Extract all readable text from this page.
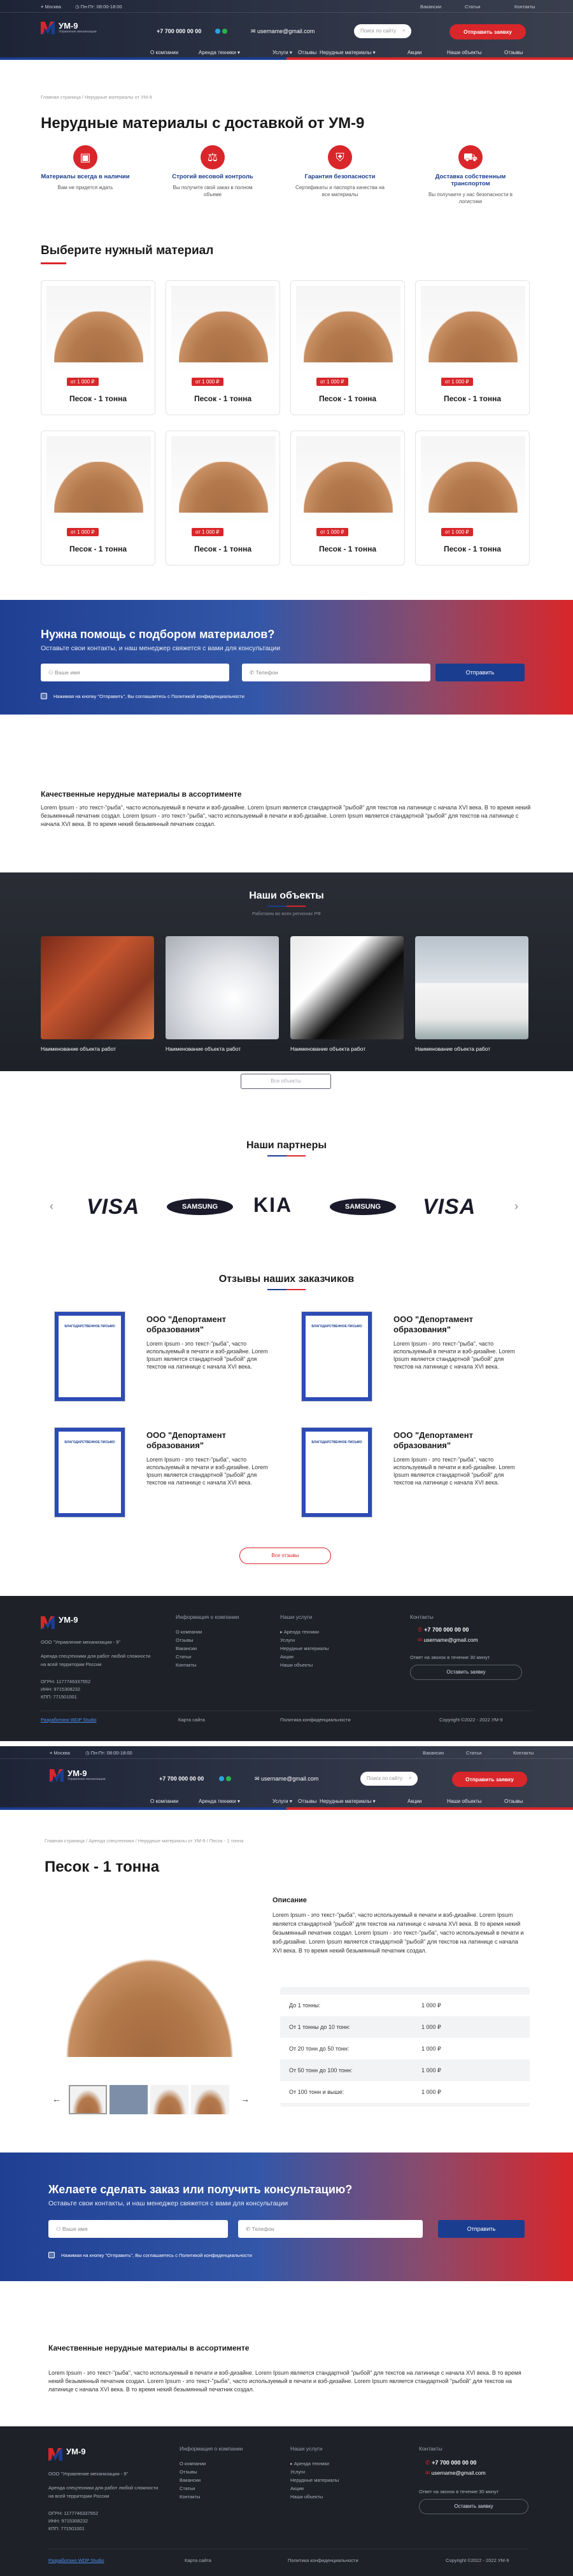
⌖ Москва	◷ Пн-Пт: 08:00-18:00	Вакансии	Статьи	Контакты
УМ-9
Управление механизации	+7 700 000 00 00
	✉ username@gmail.com	Поиск по сайту	⌕	Отправить заявку
О компании	Аренда техники ▾	Услуги ▾ Отзывы Нерудные материалы ▾	Акции	Наши объекты	Отзывы
Главная страница / Нерудные материалы от УМ-9
Нерудные материалы с доставкой от УМ-9
▣
Материалы всегда в наличии
Вам не придется ждать
⚖
Строгий весовой контроль
Вы получите свой заказ в полном объеме
⛨
Гарантия безопасности
Сертификаты и паспорта качества на все материалы
⛟
Доставка собственным транспортом
Вы получаете у нас безопасности в логистике
Выберите нужный материал
от 1 000 ₽
Песок - 1 тонна
от 1 000 ₽
Песок - 1 тонна
от 1 000 ₽
Песок - 1 тонна
от 1 000 ₽
Песок - 1 тонна
от 1 000 ₽
Песок - 1 тонна
от 1 000 ₽
Песок - 1 тонна
от 1 000 ₽
Песок - 1 тонна
от 1 000 ₽
Песок - 1 тонна
Нужна помощь с подбором материалов?
Оставьте свои контакты, и наш менеджер свяжется с вами для консультации
⚇ Ваше имя	✆ Телефон	Отправить
Нажимая на кнопку "Отправить", Вы соглашаетесь с Политикой конфиденциальности
Качественные нерудные материалы в ассортименте
Lorem Ipsum - это текст-"рыба", часто используемый в печати и вэб-дизайне. Lorem Ipsum является стандартной "рыбой" для текстов на латинице с начала XVI века. В то время некий безымянный печатник создал. Lorem Ipsum - это текст-"рыба", часто используемый в печати и вэб-дизайне. Lorem Ipsum является стандартной "рыбой" для текстов на латинице с начала XVI века. В то время некий безымянный печатник создал.
Наши объекты
Работаем во всех регионах РФ
Наименование объекта работ	Наименование объекта работ	Наименование объекта работ	Наименование объекта работ
Все объекты
Наши партнеры
‹	›
VISA	SAMSUNG	KIA	SAMSUNG	VISA
Отзывы наших заказчиков
БЛАГОДАРСТВЕННОЕ ПИСЬМО
ООО "Депортамент образования"
Lorem Ipsum - это текст-"рыба", часто используемый в печати и вэб-дизайне. Lorem Ipsum является стандартной "рыбой" для текстов на латинице с начала XVI века.
БЛАГОДАРСТВЕННОЕ ПИСЬМО
ООО "Депортамент образования"
Lorem Ipsum - это текст-"рыба", часто используемый в печати и вэб-дизайне. Lorem Ipsum является стандартной "рыбой" для текстов на латинице с начала XVI века.
БЛАГОДАРСТВЕННОЕ ПИСЬМО
ООО "Депортамент образования"
Lorem Ipsum - это текст-"рыба", часто используемый в печати и вэб-дизайне. Lorem Ipsum является стандартной "рыбой" для текстов на латинице с начала XVI века.
БЛАГОДАРСТВЕННОЕ ПИСЬМО
ООО "Депортамент образования"
Lorem Ipsum - это текст-"рыба", часто используемый в печати и вэб-дизайне. Lorem Ipsum является стандартной "рыбой" для текстов на латинице с начала XVI века.
Все отзывы
УМ-9
ООО "Управление механизации - 9"
Аренда спецтехники для работ любой сложности на всей территории России
ОГРН: 1177746337552
ИНН: 9715308232
КПП: 771501001
Информация о компании
О компании
Отзывы
Вакансии
Статьи
Контакты
Наши услуги
▸ Аренда техники
Услуги
Нерудные материалы
Акции
Наши объекты
Контакты
✆ +7 700 000 00 00
✉ username@gmail.com
Ответ на звонок в течение 30 минут
Оставить заявку
Разработано WDP Studio	Карта сайта	Политика конфиденциальности	Copyright ©2022 - 2022 УМ-9
⌖ Москва	◷ Пн-Пт: 08:00-18:00	Вакансии	Статьи	Контакты
УМ-9
Управление механизации	+7 700 000 00 00
	✉ username@gmail.com	Поиск по сайту	⌕	Отправить заявку
О компании	Аренда техники ▾	Услуги ▾ Отзывы Нерудные материалы ▾	Акции	Наши объекты	Отзывы
Главная страница / Аренда спецтехники / Нерудные материалы от УМ-9 / Песок - 1 тонна
Песок - 1 тонна
←	→
Описание
Lorem Ipsum - это текст-"рыба", часто используемый в печати и вэб-дизайне. Lorem Ipsum является стандартной "рыбой" для текстов на латинице с начала XVI века. В то время некий безымянный печатник создал. Lorem Ipsum - это текст-"рыба", часто используемый в печати и вэб-дизайне. Lorem Ipsum является стандартной "рыбой" для текстов на латинице с начала XVI века. В то время некий безымянный печатник создал.
До 1 тонны:	1 000 ₽
От 1 тонны до 10 тонн:	1 000 ₽
От 20 тонн до 50 тонн:	1 000 ₽
От 50 тонн до 100 тонн:	1 000 ₽
От 100 тонн и выше:	1 000 ₽
Желаете сделать заказ или получить консультацию?
Оставьте свои контакты, и наш менеджер свяжется с вами для консультации
⚇ Ваше имя	✆ Телефон	Отправить
Нажимая на кнопку "Отправить", Вы соглашаетесь с Политикой конфиденциальности
Качественные нерудные материалы в ассортименте
Lorem Ipsum - это текст-"рыба", часто используемый в печати и вэб-дизайне. Lorem Ipsum является стандартной "рыбой" для текстов на латинице с начала XVI века. В то время некий безымянный печатник создал. Lorem Ipsum - это текст-"рыба", часто используемый в печати и вэб-дизайне. Lorem Ipsum является стандартной "рыбой" для текстов на латинице с начала XVI века. В то время некий безымянный печатник создал.
УМ-9
ООО "Управление механизации - 9"
Аренда спецтехники для работ любой сложности на всей территории России
ОГРН: 1177746337552
ИНН: 9715308232
КПП: 771501001
Информация о компании
О компании
Отзывы
Вакансии
Статьи
Контакты
Наши услуги
▸ Аренда техники
Услуги
Нерудные материалы
Акции
Наши объекты
Контакты
✆ +7 700 000 00 00
✉ username@gmail.com
Ответ на звонок в течение 30 минут
Оставить заявку
Разработано WDP Studio	Карта сайта	Политика конфиденциальности	Copyright ©2022 - 2022 УМ-9
